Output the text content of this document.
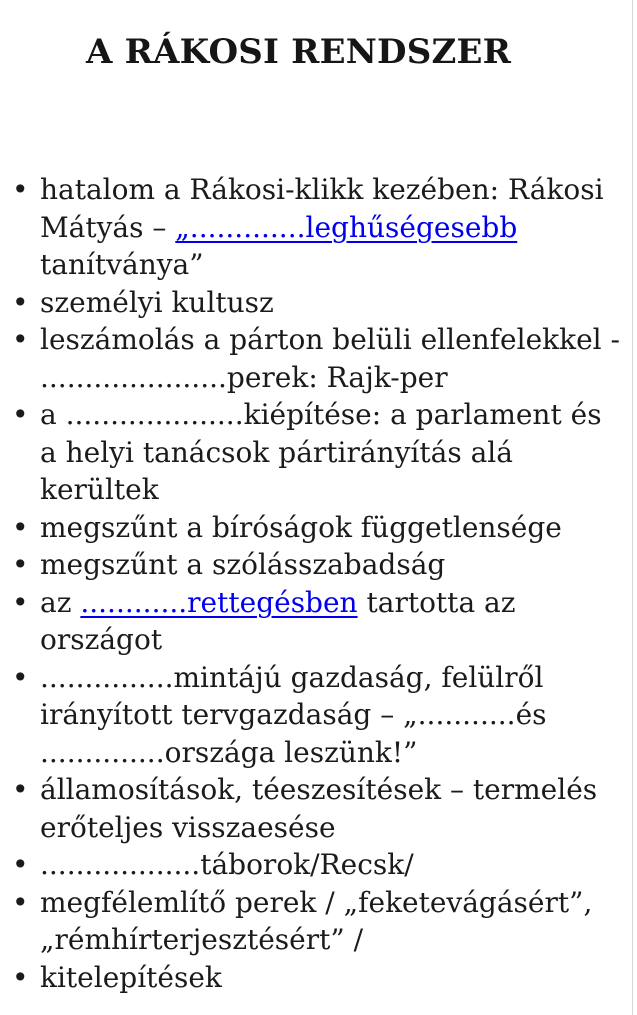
A RÁKOSI RENDSZER
• hatalom a Rákosi-klikk kezében: Rákosi Mátyás – „.............leghűségesebb tanítványa”
• személyi kultusz
• leszámolás a párton belüli ellenfelekkel - .....................perek: Rajk-per
• a ....................kiépítése: a parlament és a helyi tanácsok pártirányítás alá kerültek
• megszűnt a bíróságok függetlensége
• megszűnt a szólásszabadság
• az ............rettegésben tartotta az országot
• ...............mintájú gazdaság, felülről irányított tervgazdaság – „...........és ..............országa leszünk!”
• államosítások, téeszesítések – termelés erőteljes visszaesése
• ..................táborok/Recsk/
• megfélemlítő perek / „feketevágásért”, „rémhírterjesztésért” /
• kitelepítések
